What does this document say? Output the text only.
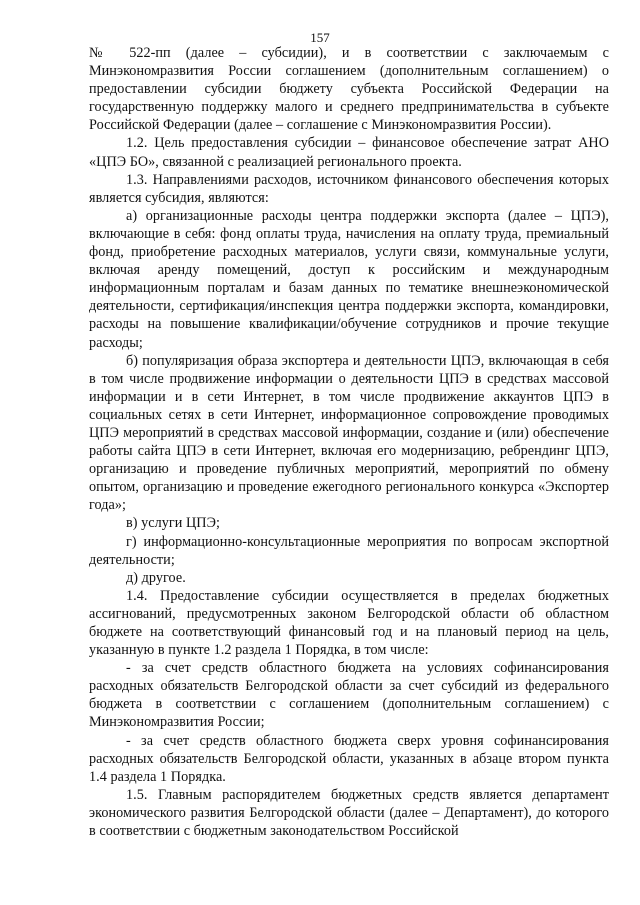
157

№ 522-пп (далее – субсидии), и в соответствии с заключаемым с Минэкономразвития России соглашением (дополнительным соглашением) о предоставлении субсидии бюджету субъекта Российской Федерации на государственную поддержку малого и среднего предпринимательства в субъекте Российской Федерации (далее – соглашение с Минэкономразвития России).

1.2. Цель предоставления субсидии – финансовое обеспечение затрат АНО «ЦПЭ БО», связанной с реализацией регионального проекта.

1.3. Направлениями расходов, источником финансового обеспечения которых является субсидия, являются:

а) организационные расходы центра поддержки экспорта (далее – ЦПЭ), включающие в себя: фонд оплаты труда, начисления на оплату труда, премиальный фонд, приобретение расходных материалов, услуги связи, коммунальные услуги, включая аренду помещений, доступ к российским и международным информационным порталам и базам данных по тематике внешнеэкономической деятельности, сертификация/инспекция центра поддержки экспорта, командировки, расходы на повышение квалификации/обучение сотрудников и прочие текущие расходы;

б) популяризация образа экспортера и деятельности ЦПЭ, включающая в себя в том числе продвижение информации о деятельности ЦПЭ в средствах массовой информации и в сети Интернет, в том числе продвижение аккаунтов ЦПЭ в социальных сетях в сети Интернет, информационное сопровождение проводимых ЦПЭ мероприятий в средствах массовой информации, создание и (или) обеспечение работы сайта ЦПЭ в сети Интернет, включая его модернизацию, ребрендинг ЦПЭ, организацию и проведение публичных мероприятий, мероприятий по обмену опытом, организацию и проведение ежегодного регионального конкурса «Экспортер года»;

в) услуги ЦПЭ;

г) информационно-консультационные мероприятия по вопросам экспортной деятельности;

д) другое.

1.4. Предоставление субсидии осуществляется в пределах бюджетных ассигнований, предусмотренных законом Белгородской области об областном бюджете на соответствующий финансовый год и на плановый период на цель, указанную в пункте 1.2 раздела 1 Порядка, в том числе:

- за счет средств областного бюджета на условиях софинансирования расходных обязательств Белгородской области за счет субсидий из федерального бюджета в соответствии с соглашением (дополнительным соглашением) с Минэкономразвития России;

- за счет средств областного бюджета сверх уровня софинансирования расходных обязательств Белгородской области, указанных в абзаце втором пункта 1.4 раздела 1 Порядка.

1.5. Главным распорядителем бюджетных средств является департамент экономического развития Белгородской области (далее – Департамент), до которого в соответствии с бюджетным законодательством Российской
